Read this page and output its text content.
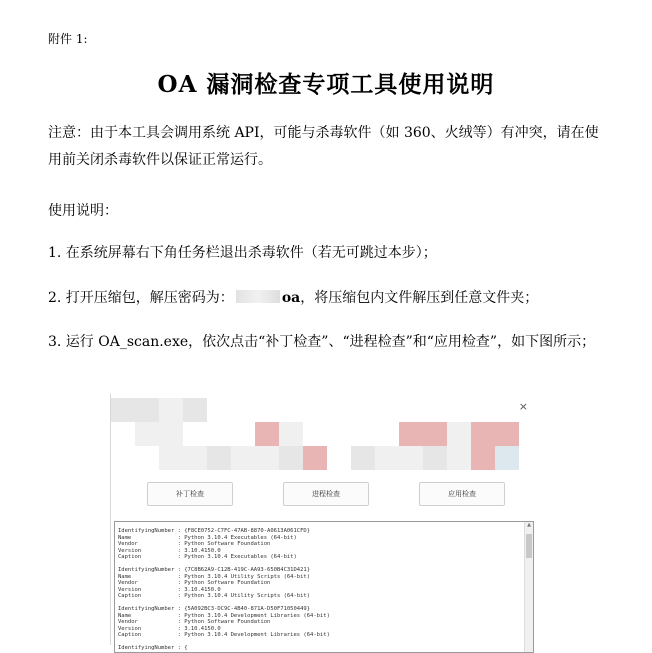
附件 1:
OA 漏洞检查专项工具使用说明
注意：由于本工具会调用系统 API，可能与杀毒软件（如 360、火绒等）有冲突，请在使用前关闭杀毒软件以保证正常运行。
使用说明：
1. 在系统屏幕右下角任务栏退出杀毒软件（若无可跳过本步）；
2. 打开压缩包，解压密码为：	oa，将压缩包内文件解压到任意文件夹；
3. 运行 OA_scan.exe，依次点击“补丁检查”、“进程检查”和“应用检查”，如下图所示；
×
补丁检查	进程检查	应用检查
IdentifyingNumber : {F8CE0752-C7FC-47AB-8870-A0613A061CFD}
Name              : Python 3.10.4 Executables (64-bit)
Vendor            : Python Software Foundation
Version           : 3.10.4150.0
Caption           : Python 3.10.4 Executables (64-bit)

IdentifyingNumber : {7C8B62A9-C12B-419C-AA93-650B4C31D421}
Name              : Python 3.10.4 Utility Scripts (64-bit)
Vendor            : Python Software Foundation
Version           : 3.10.4150.0
Caption           : Python 3.10.4 Utility Scripts (64-bit)

IdentifyingNumber : {5A092BC3-DC9C-4B40-871A-D50F71050449}
Name              : Python 3.10.4 Development Libraries (64-bit)
Vendor            : Python Software Foundation
Version           : 3.10.4150.0
Caption           : Python 3.10.4 Development Libraries (64-bit)

IdentifyingNumber : {
▲
